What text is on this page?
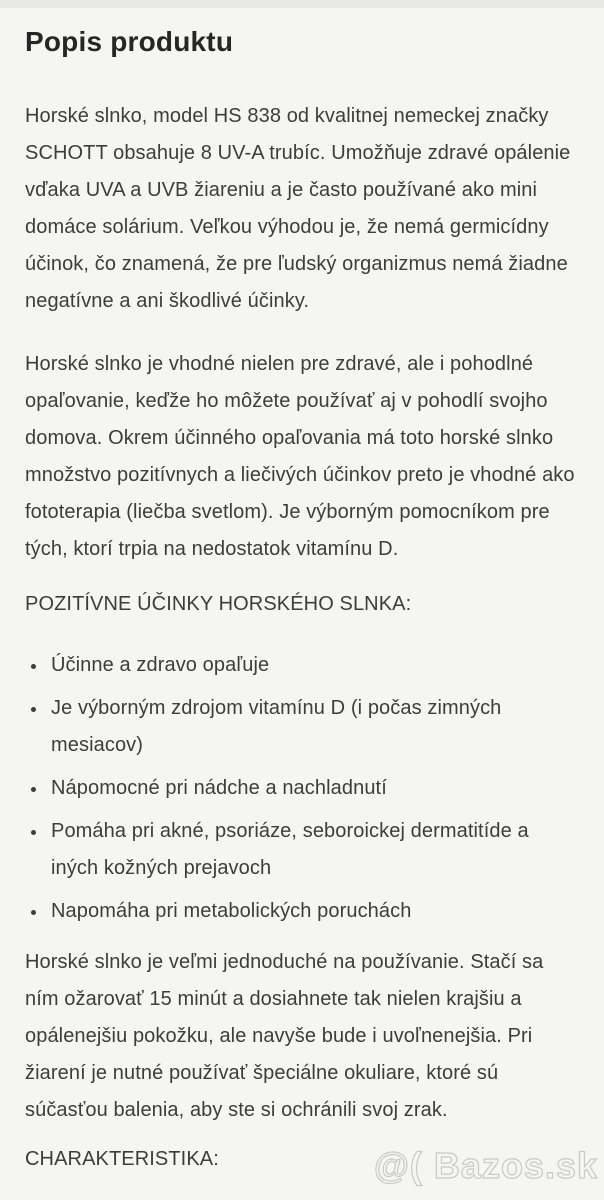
Popis produktu

Horské slnko, model HS 838 od kvalitnej nemeckej značky SCHOTT obsahuje 8 UV-A trubíc. Umožňuje zdravé opálenie vďaka UVA a UVB žiareniu a je často používané ako mini domáce solárium. Veľkou výhodou je, že nemá germicídny účinok, čo znamená, že pre ľudský organizmus nemá žiadne negatívne a ani škodlivé účinky.

Horské slnko je vhodné nielen pre zdravé, ale i pohodlné opaľovanie, keďže ho môžete používať aj v pohodlí svojho domova. Okrem účinného opaľovania má toto horské slnko množstvo pozitívnych a liečivých účinkov preto je vhodné ako fototerapia (liečba svetlom). Je výborným pomocníkom pre tých, ktorí trpia na nedostatok vitamínu D.

POZITÍVNE ÚČINKY HORSKÉHO SLNKA:

• Účinne a zdravo opaľuje
• Je výborným zdrojom vitamínu D (i počas zimných mesiacov)
• Nápomocné pri nádche a nachladnutí
• Pomáha pri akné, psoriáze, seboroickej dermatitíde a iných kožných prejavoch
• Napomáha pri metabolických poruchách

Horské slnko je veľmi jednoduché na používanie. Stačí sa ním ožarovať 15 minút a dosiahnete tak nielen krajšiu a opálenejšiu pokožku, ale navyše bude i uvoľnenejšia. Pri žiarení je nutné používať špeciálne okuliare, ktoré sú súčasťou balenia, aby ste si ochránili svoj zrak.

CHARAKTERISTIKA:	@( Bazos.sk
